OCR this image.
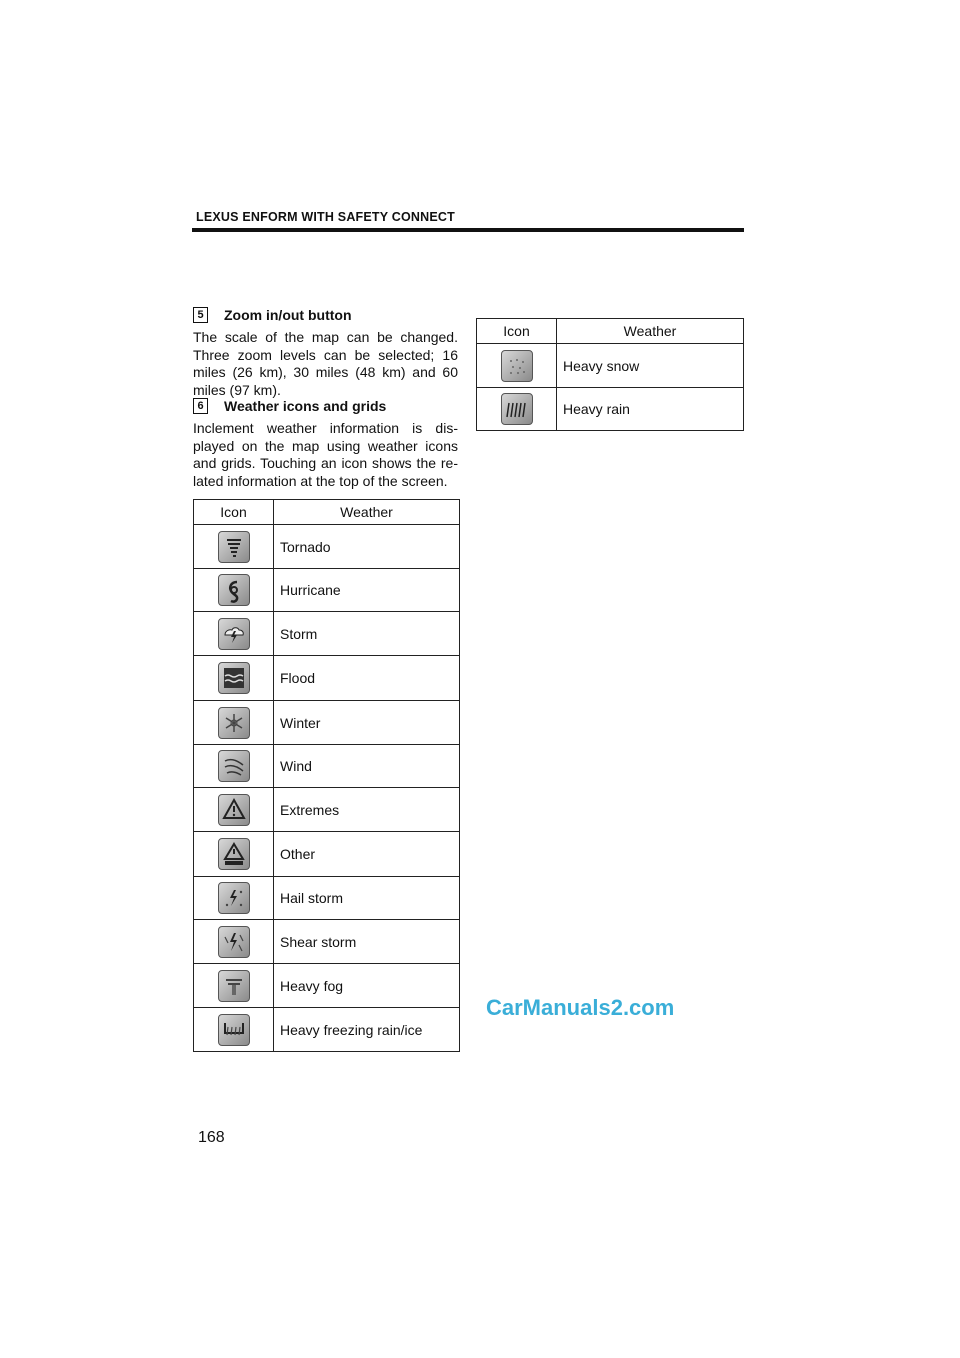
LEXUS ENFORM WITH SAFETY CONNECT
5	Zoom in/out button
The scale of the map can be changed. Three zoom levels can be selected; 16 miles (26 km), 30 miles (48 km) and 60 miles (97 km).
6	Weather icons and grids
Inclement weather information is dis-played on the map using weather icons and grids. Touching an icon shows the re-lated information at the top of the screen.
Icon	Weather

	Tornado

	Hurricane

	Storm

	Flood

	Winter

	Wind

	Extremes

	Other

	Hail storm

	Shear storm

	Heavy fog

	Heavy freezing rain/ice
Icon	Weather

	Heavy snow

	Heavy rain
CarManuals2.com
168
